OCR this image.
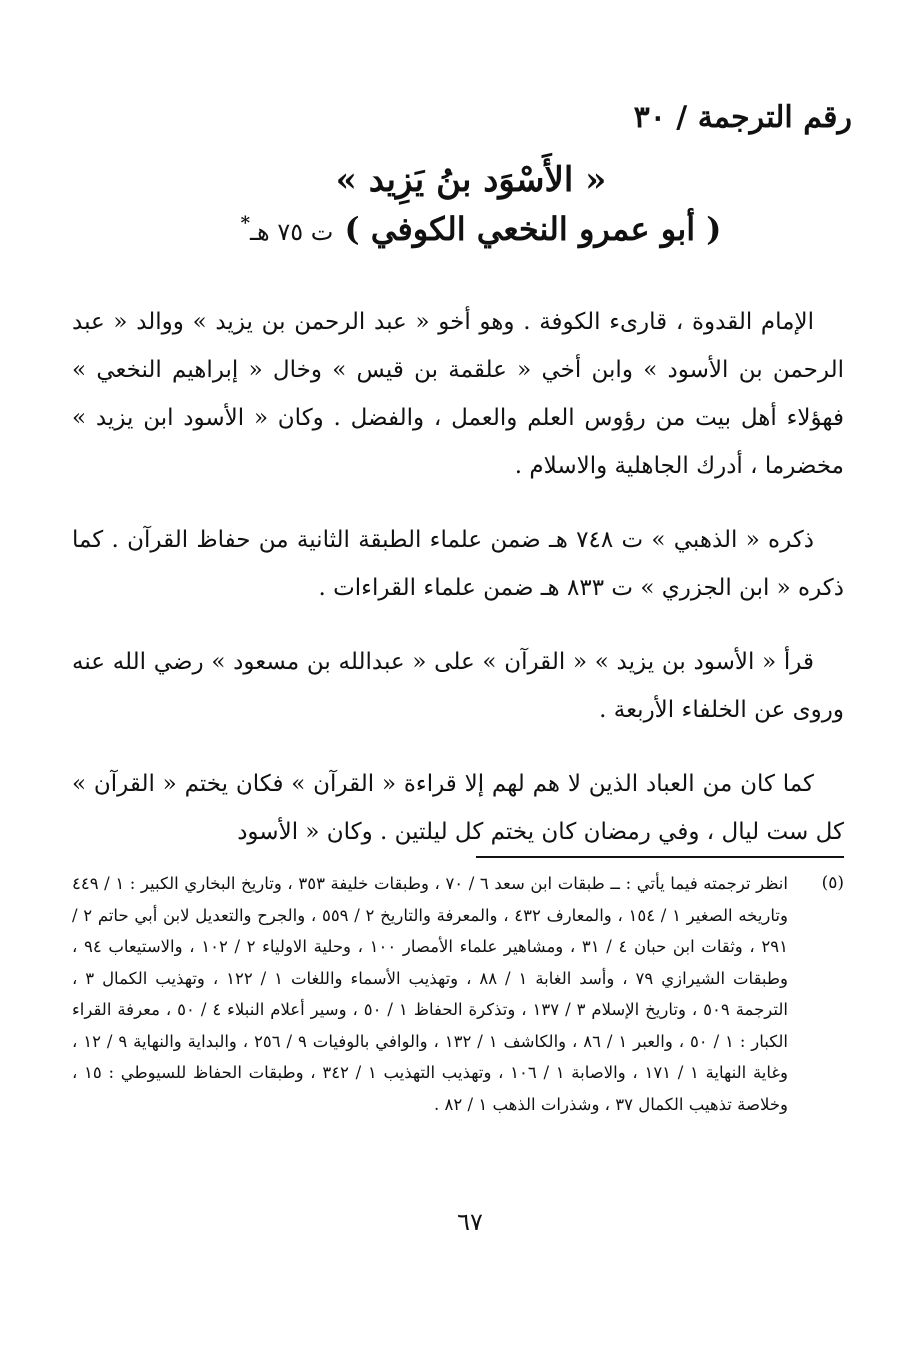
رقم الترجمة / ٣٠
« الأَسْوَد بنُ يَزِيد »
( أبو عمرو النخعي الكوفي ) ت ٧٥ هـ*

الإمام القدوة ، قارىء الكوفة . وهو أخو « عبد الرحمن بن يزيد » ووالد « عبد الرحمن بن الأسود » وابن أخي « علقمة بن قيس » وخال « إبراهيم النخعي » فهؤلاء أهل بيت من رؤوس العلم والعمل ، والفضل . وكان « الأسود ابن يزيد » مخضرما ، أدرك الجاهلية والاسلام .

ذكره « الذهبي » ت ٧٤٨ هـ ضمن علماء الطبقة الثانية من حفاظ القرآن . كما ذكره « ابن الجزري » ت ٨٣٣ هـ ضمن علماء القراءات .

قرأ « الأسود بن يزيد » « القرآن » على « عبدالله بن مسعود » رضي الله عنه وروى عن الخلفاء الأربعة .

كما كان من العباد الذين لا هم لهم إلا قراءة « القرآن » فكان يختم « القرآن » كل ست ليال ، وفي رمضان كان يختم كل ليلتين . وكان « الأسود

(٥)
انظر ترجمته فيما يأتي : ــ طبقات ابن سعد ٦ / ٧٠ ، وطبقات خليفة ٣٥٣ ، وتاريخ البخاري الكبير : ١ / ٤٤٩ وتاريخه الصغير ١ / ١٥٤ ، والمعارف ٤٣٢ ، والمعرفة والتاريخ ٢ / ٥٥٩ ، والجرح والتعديل لابن أبي حاتم ٢ / ٢٩١ ، وثقات ابن حبان ٤ / ٣١ ، ومشاهير علماء الأمصار ١٠٠ ، وحلية الاولياء ٢ / ١٠٢ ، والاستيعاب ٩٤ ، وطبقات الشيرازي ٧٩ ، وأسد الغابة ١ / ٨٨ ، وتهذيب الأسماء واللغات ١ / ١٢٢ ، وتهذيب الكمال ٣ ، الترجمة ٥٠٩ ، وتاريخ الإسلام ٣ / ١٣٧ ، وتذكرة الحفاظ ١ / ٥٠ ، وسير أعلام النبلاء ٤ / ٥٠ ، معرفة القراء الكبار : ١ / ٥٠ ، والعبر ١ / ٨٦ ، والكاشف ١ / ١٣٢ ، والوافي بالوفيات ٩ / ٢٥٦ ، والبداية والنهاية ٩ / ١٢ ، وغاية النهاية ١ / ١٧١ ، والاصابة ١ / ١٠٦ ، وتهذيب التهذيب ١ / ٣٤٢ ، وطبقات الحفاظ للسيوطي : ١٥ ، وخلاصة تذهيب الكمال ٣٧ ، وشذرات الذهب ١ / ٨٢ .
٦٧
